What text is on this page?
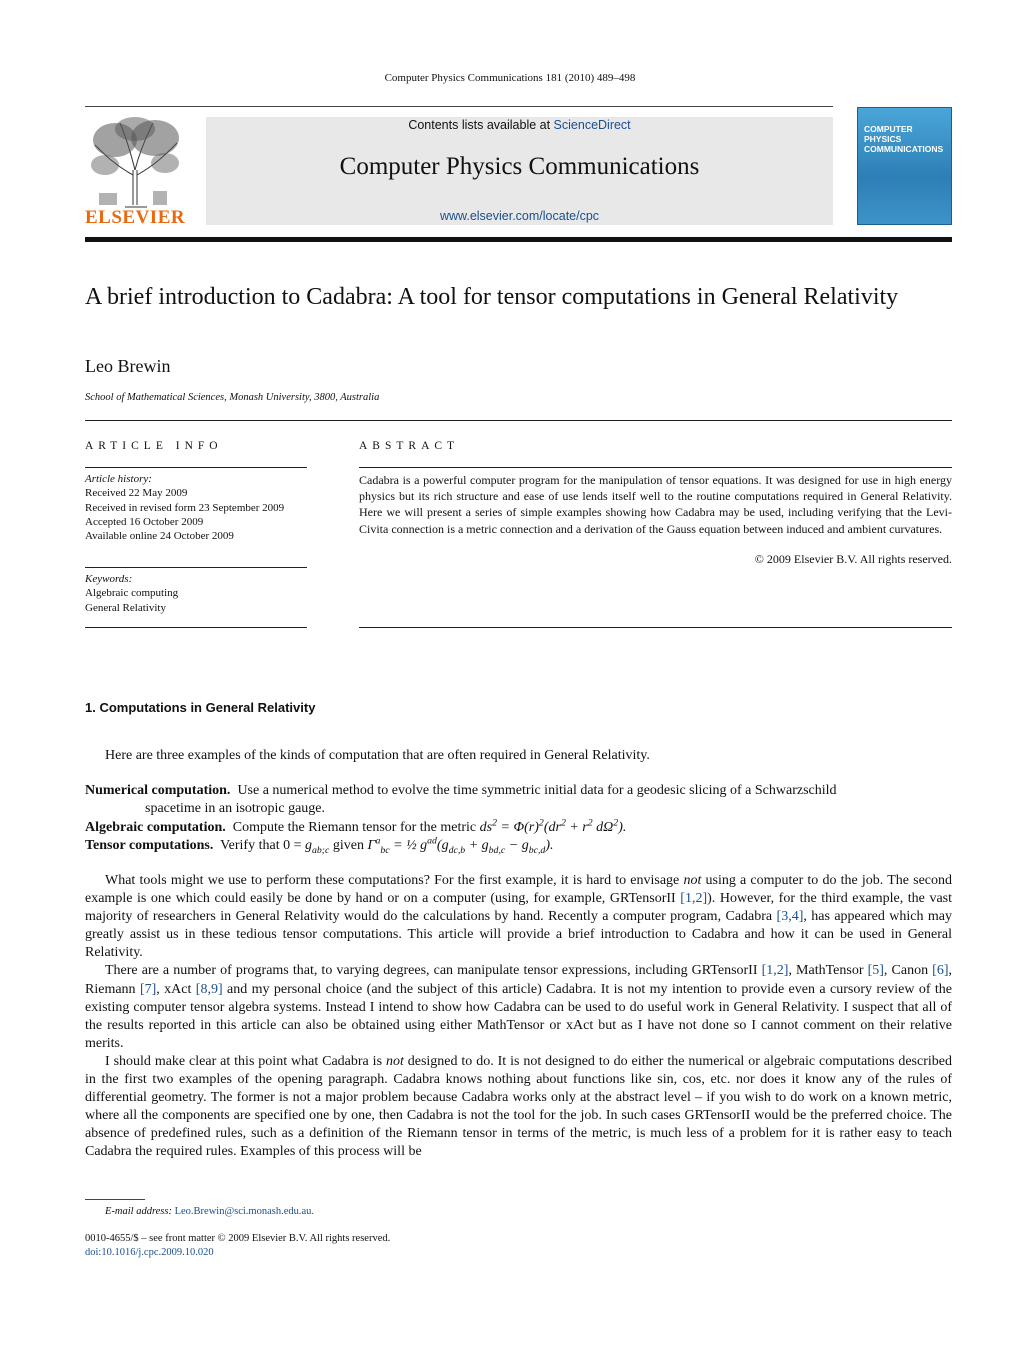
Computer Physics Communications 181 (2010) 489–498
ELSEVIER
Contents lists available at ScienceDirect
Computer Physics Communications
www.elsevier.com/locate/cpc
COMPUTER PHYSICS COMMUNICATIONS
A brief introduction to Cadabra: A tool for tensor computations in General Relativity
Leo Brewin
School of Mathematical Sciences, Monash University, 3800, Australia
ARTICLE INFO
Article history:
Received 22 May 2009
Received in revised form 23 September 2009
Accepted 16 October 2009
Available online 24 October 2009
Keywords:
Algebraic computing
General Relativity
ABSTRACT
Cadabra is a powerful computer program for the manipulation of tensor equations. It was designed for use in high energy physics but its rich structure and ease of use lends itself well to the routine computations required in General Relativity. Here we will present a series of simple examples showing how Cadabra may be used, including verifying that the Levi-Civita connection is a metric connection and a derivation of the Gauss equation between induced and ambient curvatures.
© 2009 Elsevier B.V. All rights reserved.
1. Computations in General Relativity
Here are three examples of the kinds of computation that are often required in General Relativity.
Numerical computation. Use a numerical method to evolve the time symmetric initial data for a geodesic slicing of a Schwarzschild
spacetime in an isotropic gauge.
Algebraic computation. Compute the Riemann tensor for the metric $ds^2 = \Phi(r)^2(dr^2 + r^2$ $d\Omega^2$).
Tensor computations. Verify that $0 = g_{ab;c}$ given $\Gamma^a_{bc}$ = ½ $g^{ad}(g_{dc,b} + g_{bd,c} - g_{bc,d})$.

What tools might we use to perform these computations? For the first example, it is hard to envisage not using a computer to do the job. The second example is one which could easily be done by hand or on a computer (using, for example, GRTensorII [1,2]). However, for the third example, the vast majority of researchers in General Relativity would do the calculations by hand. Recently a computer program, Cadabra [3,4], has appeared which may greatly assist us in these tedious tensor computations. This article will provide a brief introduction to Cadabra and how it can be used in General Relativity.

There are a number of programs that, to varying degrees, can manipulate tensor expressions, including GRTensorII [1,2], MathTensor [5], Canon [6], Riemann [7], xAct [8,9] and my personal choice (and the subject of this article) Cadabra. It is not my intention to provide even a cursory review of the existing computer tensor algebra systems. Instead I intend to show how Cadabra can be used to do useful work in General Relativity. I suspect that all of the results reported in this article can also be obtained using either MathTensor or xAct but as I have not done so I cannot comment on their relative merits.

I should make clear at this point what Cadabra is not designed to do. It is not designed to do either the numerical or algebraic computations described in the first two examples of the opening paragraph. Cadabra knows nothing about functions like sin, cos, etc. nor does it know any of the rules of differential geometry. The former is not a major problem because Cadabra works only at the abstract level – if you wish to do work on a known metric, where all the components are specified one by one, then Cadabra is not the tool for the job. In such cases GRTensorII would be the preferred choice. The absence of predefined rules, such as a definition of the Riemann tensor in terms of the metric, is much less of a problem for it is rather easy to teach Cadabra the required rules. Examples of this process will be

E-mail address: Leo.Brewin@sci.monash.edu.au.
0010-4655/$ – see front matter © 2009 Elsevier B.V. All rights reserved.
doi:10.1016/j.cpc.2009.10.020
